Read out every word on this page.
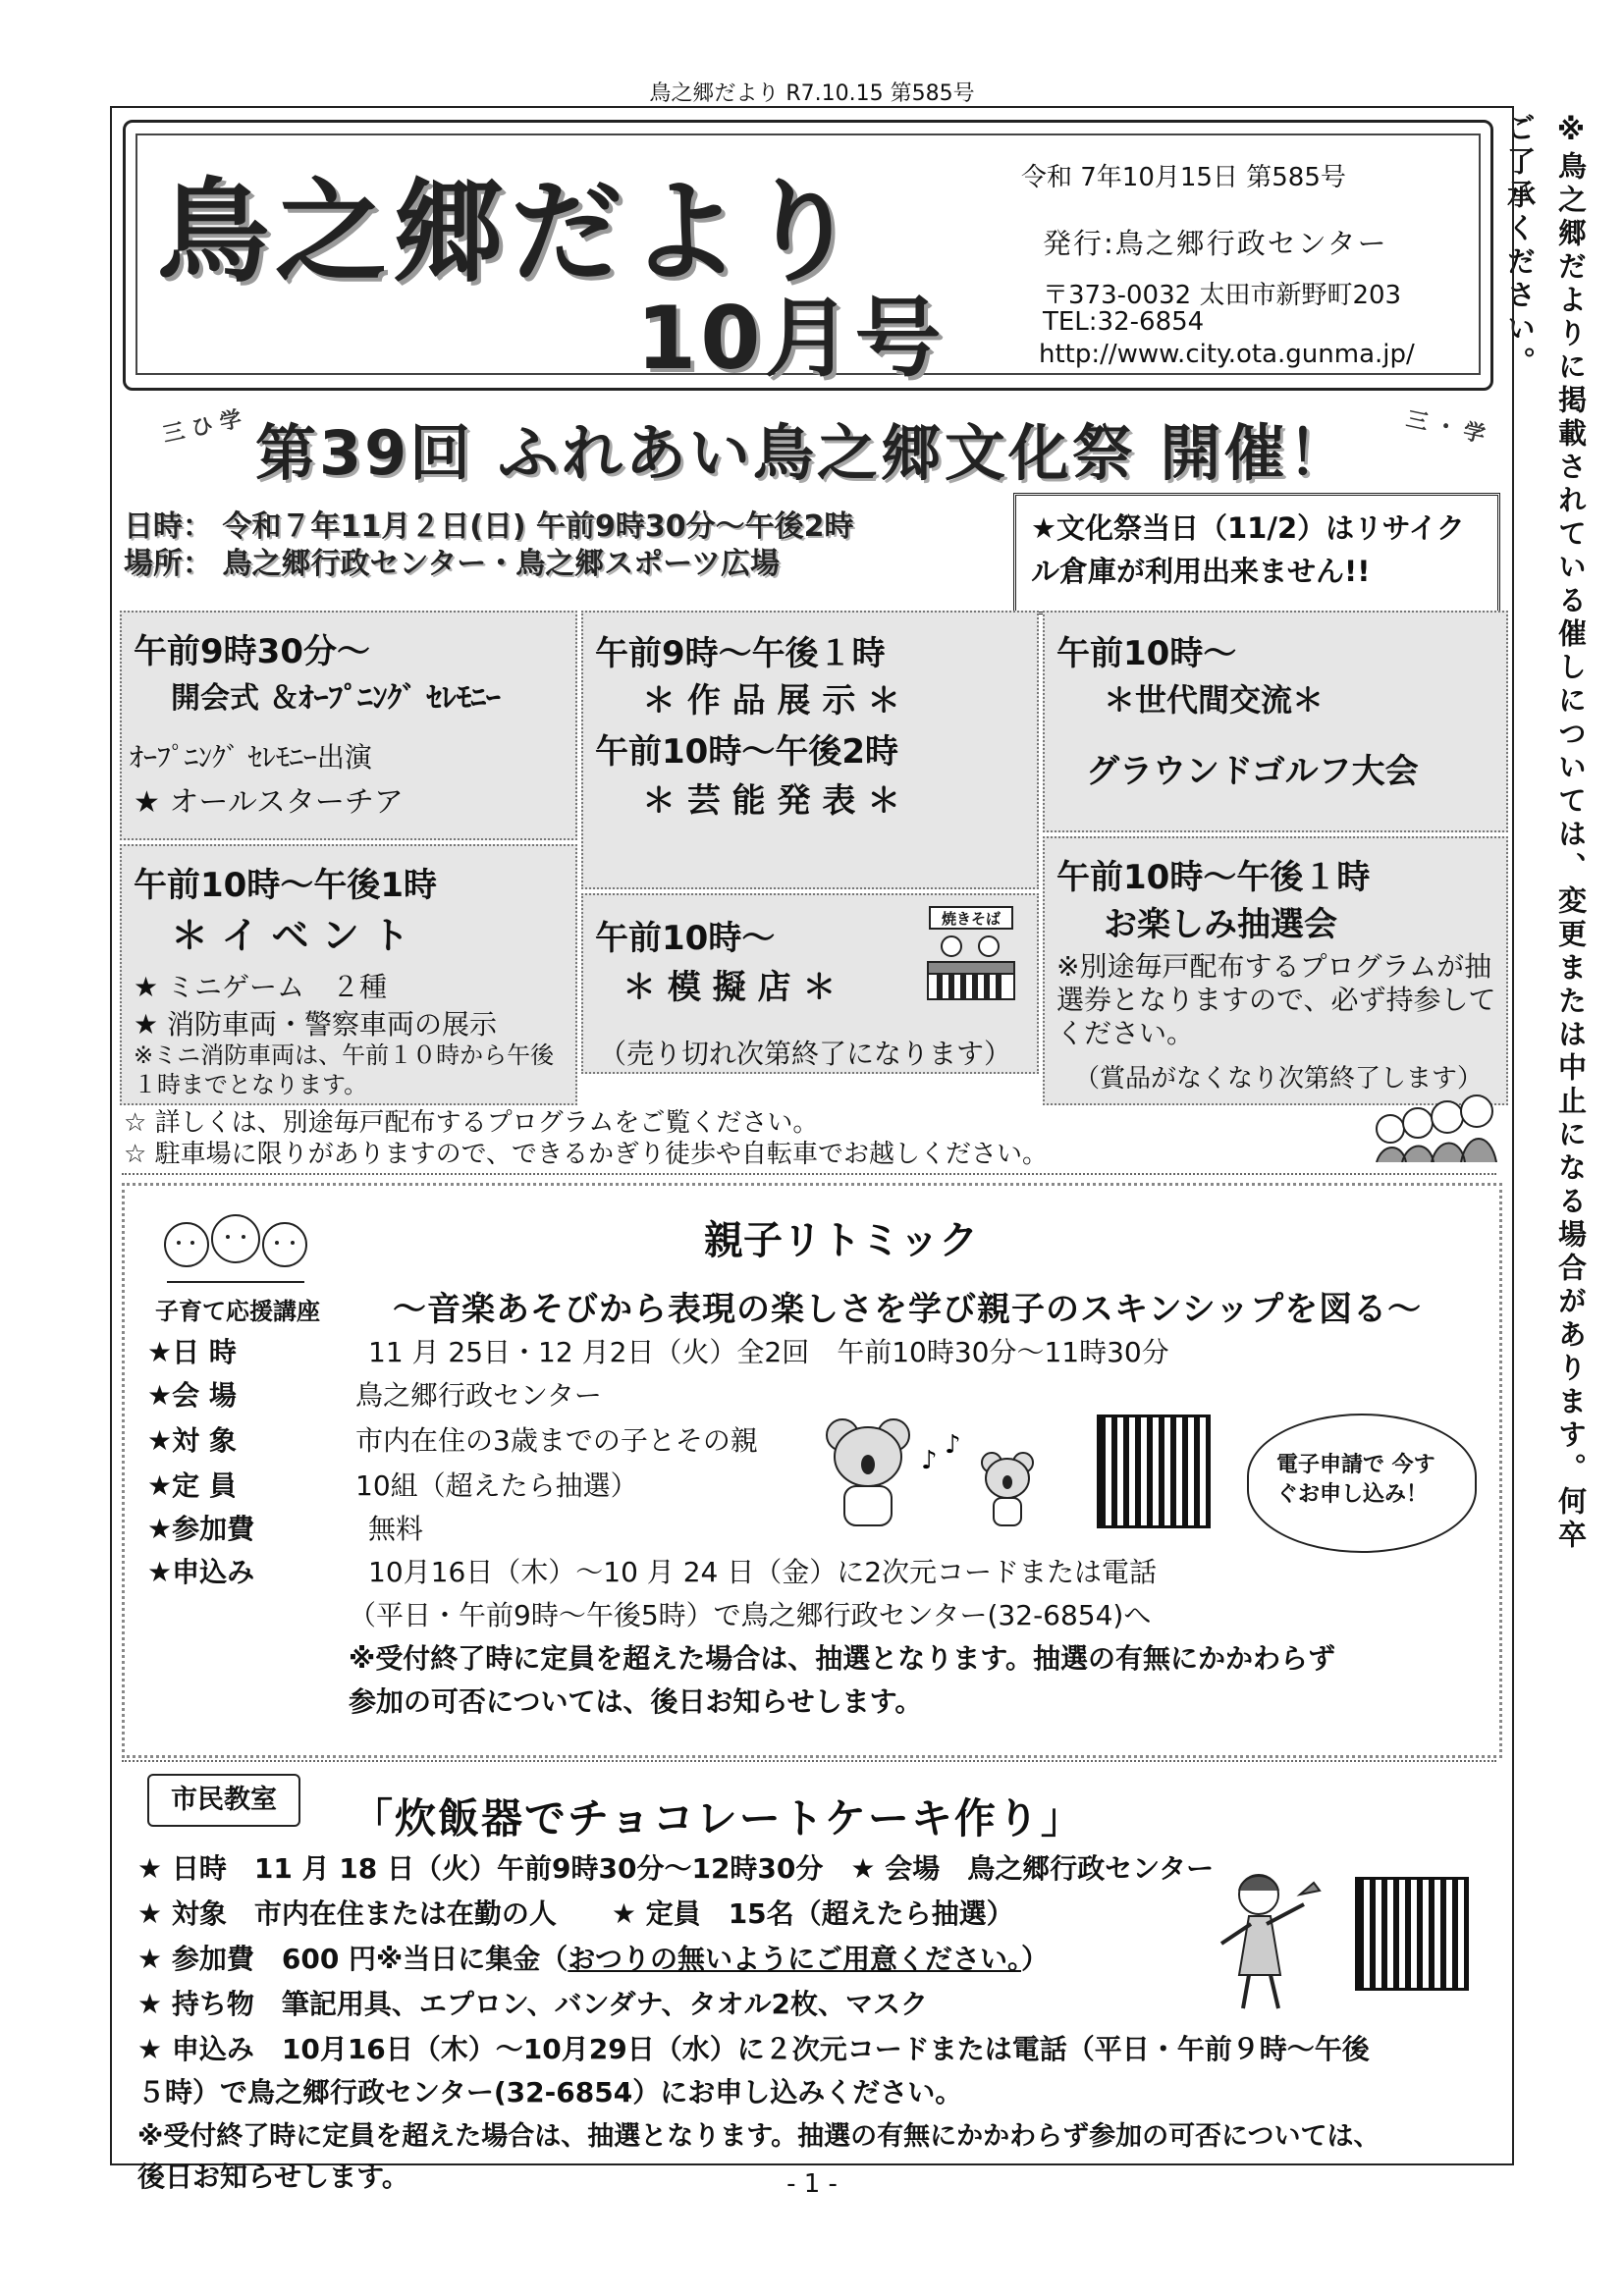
鳥之郷だより R7.10.15 第585号
※鳥之郷だよりに掲載されている催しについては、変更または中止になる場合があります。何卒ご了承ください。
鳥之郷だより
10月号
令和 7年10月15日 第585号
発行:鳥之郷行政センター
〒373-0032 太田市新野町203
TEL:32-6854
http://www.city.ota.gunma.jp/
三 ひ 学 第39回 ふれあい鳥之郷文化祭 開催！ 三 ・ 学
日時： 令和７年11月２日(日) 午前9時30分～午後2時
場所： 鳥之郷行政センター・鳥之郷スポーツ広場
★文化祭当日（11/2）はリサイクル倉庫が利用出来ません!!
午前9時30分～
開会式 ＆ｵｰﾌﾟﾆﾝｸﾞ ｾﾚﾓﾆｰ
ｵｰﾌﾟﾆﾝｸﾞ ｾﾚﾓﾆｰ出演
★ オールスターチア
午前9時～午後１時
＊ 作 品 展 示 ＊
午前10時～午後2時
＊ 芸 能 発 表 ＊
午前10時～
＊世代間交流＊
グラウンドゴルフ大会
午前10時～午後1時
＊ イ ベ ン ト
★ ミニゲーム　２種
★ 消防車両・警察車両の展示
※ミニ消防車両は、午前１０時から午後１時までとなります。
午前10時～
＊ 模 擬 店 ＊
焼きそば
（売り切れ次第終了になります）
午前10時～午後１時
お楽しみ抽選会
※別途毎戸配布するプログラムが抽選券となりますので、必ず持参してください。
（賞品がなくなり次第終了します）
☆ 詳しくは、別途毎戸配布するプログラムをご覧ください。
☆ 駐車場に限りがありますので、できるかぎり徒歩や自転車でお越しください。
子育て応援講座
親子リトミック
～音楽あそびから表現の楽しさを学び親子のスキンシップを図る～
★日 時	11 月 25日・12 月2日（火）全2回　午前10時30分～11時30分
★会 場	鳥之郷行政センター
★対 象	市内在住の3歳までの子とその親
★定 員	10組（超えたら抽選）
★参加費	無料
★申込み	10月16日（木）～10 月 24 日（金）に2次元コードまたは電話
（平日・午前9時～午後5時）で鳥之郷行政センター(32-6854)へ
※受付終了時に定員を超えた場合は、抽選となります。抽選の有無にかかわらず
参加の可否については、後日お知らせします。
♪
♪
電子申請で 今すぐお申し込み！
市民教室	「炊飯器でチョコレートケーキ作り」
★ 日時　11 月 18 日（火）午前9時30分～12時30分　★ 会場　鳥之郷行政センター
★ 対象　市内在住または在勤の人　　★ 定員　15名（超えたら抽選）
★ 参加費　600 円※当日に集金（おつりの無いようにご用意ください。）
★ 持ち物　筆記用具、エプロン、バンダナ、タオル2枚、マスク
★ 申込み　10月16日（木）～10月29日（水）に２次元コードまたは電話（平日・午前９時～午後
５時）で鳥之郷行政センター(32-6854）にお申し込みください。
※受付終了時に定員を超えた場合は、抽選となります。抽選の有無にかかわらず参加の可否については、
後日お知らせします。	- 1 -
